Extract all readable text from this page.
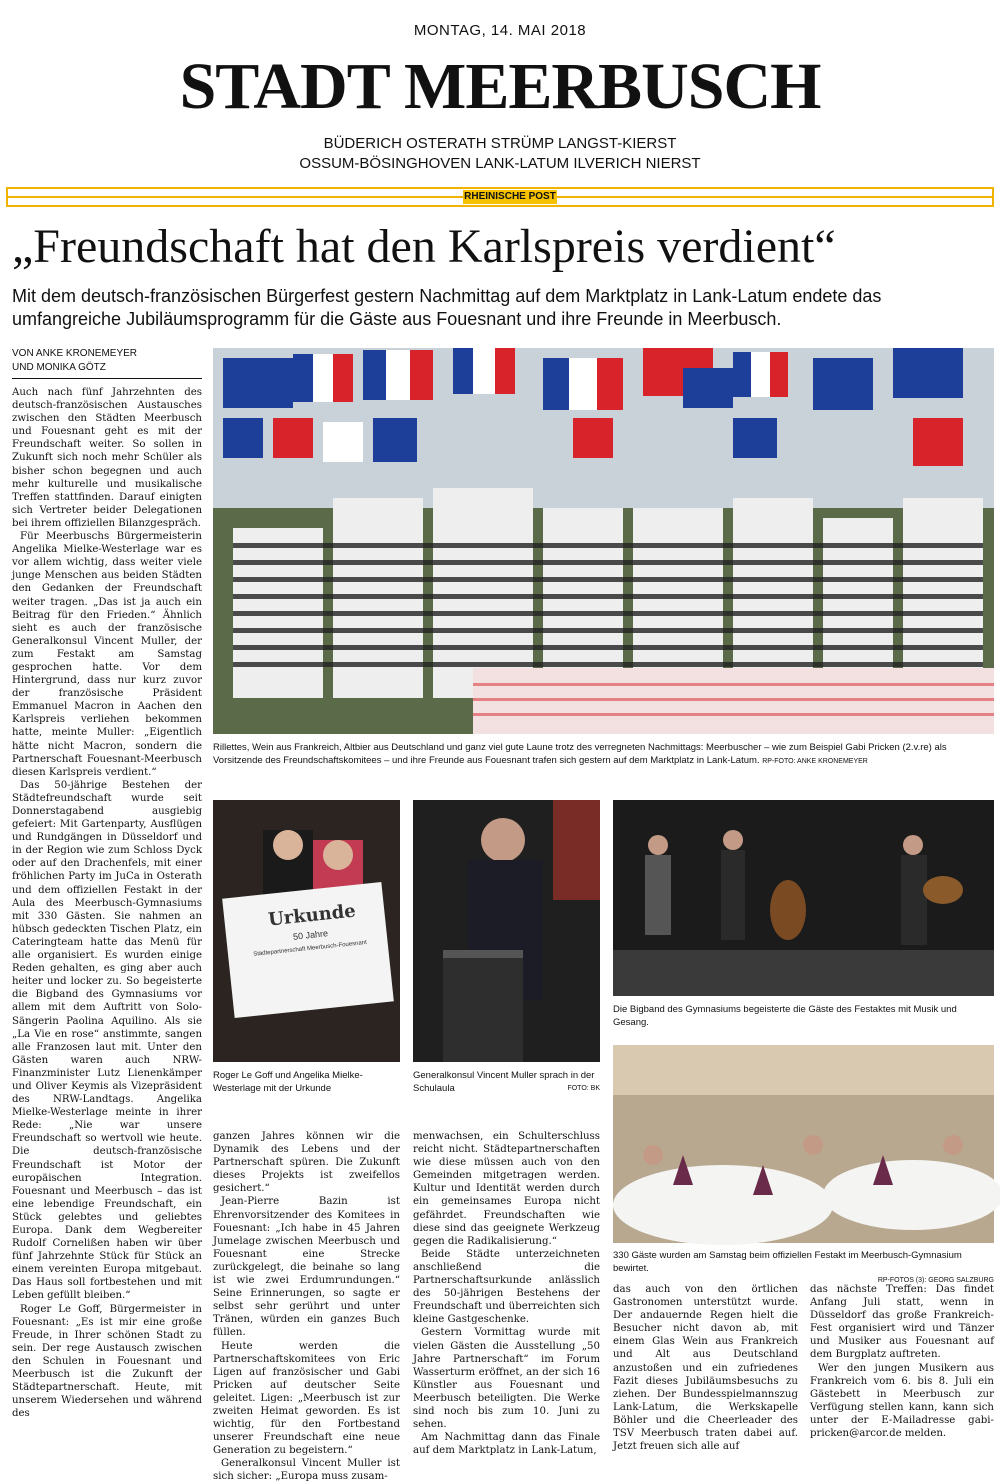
MONTAG, 14. MAI 2018
STADT MEERBUSCH
BÜDERICH OSTERATH STRÜMP LANGST-KIERST
OSSUM-BÖSINGHOVEN LANK-LATUM ILVERICH NIERST
RHEINISCHE POST
„Freundschaft hat den Karlspreis verdient“
Mit dem deutsch-französischen Bürgerfest gestern Nachmittag auf dem Marktplatz in Lank-Latum endete das umfangreiche Jubiläumsprogramm für die Gäste aus Fouesnant und ihre Freunde in Meerbusch.
VON ANKE KRONEMEYER
UND MONIKA GÖTZ

Auch nach fünf Jahrzehnten des deutsch-französischen Austausches zwischen den Städten Meerbusch und Fouesnant geht es mit der Freundschaft weiter. So sollen in Zukunft sich noch mehr Schüler als bisher schon begegnen und auch mehr kulturelle und musikalische Treffen stattfinden. Darauf einigten sich Vertreter beider Delegationen bei ihrem offiziellen Bilanzgespräch.

Für Meerbuschs Bürgermeisterin Angelika Mielke-Westerlage war es vor allem wichtig, dass weiter viele junge Menschen aus beiden Städten den Gedanken der Freundschaft weiter tragen. „Das ist ja auch ein Beitrag für den Frieden.“ Ähnlich sieht es auch der französische Generalkonsul Vincent Muller, der zum Festakt am Samstag gesprochen hatte. Vor dem Hintergrund, dass nur kurz zuvor der französische Präsident Emmanuel Macron in Aachen den Karlspreis verliehen bekommen hatte, meinte Muller: „Eigentlich hätte nicht Macron, sondern die Partnerschaft Fouesnant-Meerbusch diesen Karlspreis verdient.“

Das 50-jährige Bestehen der Städtefreundschaft wurde seit Donnerstagabend ausgiebig gefeiert: Mit Gartenparty, Ausflügen und Rundgängen in Düsseldorf und in der Region wie zum Schloss Dyck oder auf den Drachenfels, mit einer fröhlichen Party im JuCa in Osterath und dem offiziellen Festakt in der Aula des Meerbusch-Gymnasiums mit 330 Gästen. Sie nahmen an hübsch gedeckten Tischen Platz, ein Cateringteam hatte das Menü für alle organisiert. Es wurden einige Reden gehalten, es ging aber auch heiter und locker zu. So begeisterte die Bigband des Gymnasiums vor allem mit dem Auftritt von Solo-Sängerin Paolina Aquilino. Als sie „La Vie en rose“ anstimmte, sangen alle Franzosen laut mit. Unter den Gästen waren auch NRW-Finanzminister Lutz Lienenkämper und Oliver Keymis als Vizepräsident des NRW-Landtags. Angelika Mielke-Westerlage meinte in ihrer Rede: „Nie war unsere Freundschaft so wertvoll wie heute. Die deutsch-französische Freundschaft ist Motor der europäischen Integration. Fouesnant und Meerbusch – das ist eine lebendige Freundschaft, ein Stück gelebtes und geliebtes Europa. Dank dem Wegbereiter Rudolf Cornelißen haben wir über fünf Jahrzehnte Stück für Stück an einem vereinten Europa mitgebaut. Das Haus soll fortbestehen und mit Leben gefüllt bleiben.“

Roger Le Goff, Bürgermeister in Fouesnant: „Es ist mir eine große Freude, in Ihrer schönen Stadt zu sein. Der rege Austausch zwischen den Schulen in Fouesnant und Meerbusch ist die Zukunft der Städtepartnerschaft. Heute, mit unserem Wiedersehen und während des

Rillettes, Wein aus Frankreich, Altbier aus Deutschland und ganz viel gute Laune trotz des verregneten Nachmittags: Meerbuscher – wie zum Beispiel Gabi Pricken (2.v.re) als Vorsitzende des Freundschaftskomitees – und ihre Freunde aus Fouesnant trafen sich gestern auf dem Marktplatz in Lank-Latum. RP-FOTO: ANKE KRONEMEYER
Urkunde
50 Jahre
Städtepartnerschaft Meerbusch-Fouesnant
Roger Le Goff und Angelika Mielke-Westerlage mit der Urkunde
Generalkonsul Vincent Muller sprach in der Schulaula	FOTO: BK
Die Bigband des Gymnasiums begeisterte die Gäste des Festaktes mit Musik und Gesang.
330 Gäste wurden am Samstag beim offiziellen Festakt im Meerbusch-Gymnasium bewirtet.
RP-FOTOS (3): GEORG SALZBURG

ganzen Jahres können wir die Dynamik des Lebens und der Partnerschaft spüren. Die Zukunft dieses Projekts ist zweifellos gesichert.“

Jean-Pierre Bazin ist Ehrenvorsitzender des Komitees in Fouesnant: „Ich habe in 45 Jahren Jumelage zwischen Meerbusch und Fouesnant eine Strecke zurückgelegt, die beinahe so lang ist wie zwei Erdumrundungen.“ Seine Erinnerungen, so sagte er selbst sehr gerührt und unter Tränen, würden ein ganzes Buch füllen.

Heute werden die Partnerschaftskomitees von Eric Ligen auf französischer und Gabi Pricken auf deutscher Seite geleitet. Ligen: „Meerbusch ist zur zweiten Heimat geworden. Es ist wichtig, für den Fortbestand unserer Freundschaft eine neue Generation zu begeistern.“

Generalkonsul Vincent Muller ist sich sicher: „Europa muss zusam-

menwachsen, ein Schulterschluss reicht nicht. Städtepartnerschaften wie diese müssen auch von den Gemeinden mitgetragen werden. Kultur und Identität werden durch ein gemeinsames Europa nicht gefährdet. Freundschaften wie diese sind das geeignete Werkzeug gegen die Radikalisierung.“

Beide Städte unterzeichneten anschließend die Partnerschaftsurkunde anlässlich des 50-jährigen Bestehens der Freundschaft und überreichten sich kleine Gastgeschenke.

Gestern Vormittag wurde mit vielen Gästen die Ausstellung „50 Jahre Partnerschaft“ im Forum Wasserturm eröffnet, an der sich 16 Künstler aus Fouesnant und Meerbusch beteiligten. Die Werke sind noch bis zum 10. Juni zu sehen.

Am Nachmittag dann das Finale auf dem Marktplatz in Lank-Latum,

das auch von den örtlichen Gastronomen unterstützt wurde. Der andauernde Regen hielt die Besucher nicht davon ab, mit einem Glas Wein aus Frankreich und Alt aus Deutschland anzustoßen und ein zufriedenes Fazit dieses Jubiläumsbesuchs zu ziehen. Der Bundesspielmannszug Lank-Latum, die Werkskapelle Böhler und die Cheerleader des TSV Meerbusch traten dabei auf. Jetzt freuen sich alle auf

das nächste Treffen: Das findet Anfang Juli statt, wenn in Düsseldorf das große Frankreich-Fest organisiert wird und Tänzer und Musiker aus Fouesnant auf dem Burgplatz auftreten.

Wer den jungen Musikern aus Frankreich vom 6. bis 8. Juli ein Gästebett in Meerbusch zur Verfügung stellen kann, kann sich unter der E-Mailadresse gabi-pricken@arcor.de melden.
